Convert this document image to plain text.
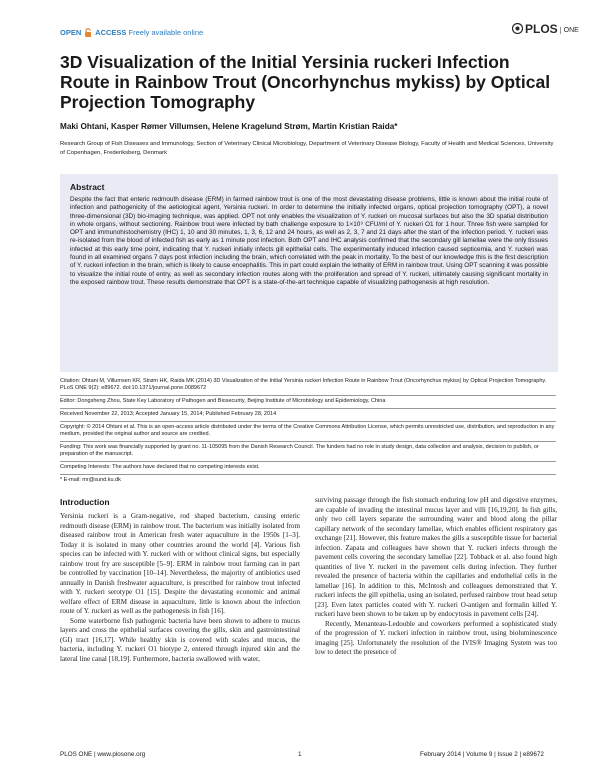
OPEN ACCESS Freely available online	PLOS ONE
3D Visualization of the Initial Yersinia ruckeri Infection Route in Rainbow Trout (Oncorhynchus mykiss) by Optical Projection Tomography
Maki Ohtani, Kasper Rømer Villumsen, Helene Kragelund Strøm, Martin Kristian Raida*
Research Group of Fish Diseases and Immunology, Section of Veterinary Clinical Microbiology, Department of Veterinary Disease Biology, Faculty of Health and Medical Sciences, University of Copenhagen, Frederiksberg, Denmark
Abstract

Despite the fact that enteric redmouth disease (ERM) in farmed rainbow trout is one of the most devastating disease problems, little is known about the initial route of infection and pathogenicity of the aetiological agent, Yersinia ruckeri. In order to determine the initially infected organs, optical projection tomography (OPT), a novel three-dimensional (3D) bio-imaging technique, was applied. OPT not only enables the visualization of Y. ruckeri on mucosal surfaces but also the 3D spatial distribution in whole organs, without sectioning. Rainbow trout were infected by bath challenge exposure to 1×10⁹ CFU/ml of Y. ruckeri O1 for 1 hour. Three fish were sampled for OPT and immunohistochemistry (IHC) 1, 10 and 30 minutes, 1, 3, 6, 12 and 24 hours, as well as 2, 3, 7 and 21 days after the start of the infection period. Y. ruckeri was re-isolated from the blood of infected fish as early as 1 minute post infection. Both OPT and IHC analysis confirmed that the secondary gill lamellae were the only tissues infected at this early time point, indicating that Y. ruckeri initially infects gill epithelial cells. The experimentally induced infection caused septicemia, and Y. ruckeri was found in all examined organs 7 days post infection including the brain, which correlated with the peak in mortality. To the best of our knowledge this is the first description of Y. ruckeri infection in the brain, which is likely to cause encephalitis. This in part could explain the lethality of ERM in rainbow trout. Using OPT scanning it was possible to visualize the initial route of entry, as well as secondary infection routes along with the proliferation and spread of Y. ruckeri, ultimately causing significant mortality in the exposed rainbow trout. These results demonstrate that OPT is a state-of-the-art technique capable of visualizing pathogenesis at high resolution.

Citation: Ohtani M, Villumsen KR, Strøm HK, Raida MK (2014) 3D Visualization of the Initial Yersinia ruckeri Infection Route in Rainbow Trout (Oncorhynchus mykiss) by Optical Projection Tomography. PLoS ONE 9(2): e89672. doi:10.1371/journal.pone.0089672

Editor: Dongsheng Zhou, State Key Laboratory of Pathogen and Biosecurity, Beijing Institute of Microbiology and Epidemiology, China

Received November 22, 2013; Accepted January 15, 2014; Published February 28, 2014

Copyright: © 2014 Ohtani et al. This is an open-access article distributed under the terms of the Creative Commons Attribution License, which permits unrestricted use, distribution, and reproduction in any medium, provided the original author and source are credited.

Funding: This work was financially supported by grant no. 11-105095 from the Danish Research Council. The funders had no role in study design, data collection and analysis, decision to publish, or preparation of the manuscript.

Competing Interests: The authors have declared that no competing interests exist.

* E-mail: mr@sund.ku.dk

Introduction

Yersinia ruckeri is a Gram-negative, rod shaped bacterium, causing enteric redmouth disease (ERM) in rainbow trout. The bacterium was initially isolated from diseased rainbow trout in American fresh water aquaculture in the 1950s [1–3]. Today it is isolated in many other countries around the world [4]. Various fish species can be infected with Y. ruckeri with or without clinical signs, but especially rainbow trout fry are susceptible [5–9]. ERM in rainbow trout farming can in part be controlled by vaccination [10–14]. Nevertheless, the majority of antibiotics used annually in Danish freshwater aquaculture, is prescribed for rainbow trout infected with Y. ruckeri serotype O1 [15]. Despite the devastating economic and animal welfare effect of ERM disease in aquaculture, little is known about the infection route of Y. ruckeri as well as the pathogenesis in fish [16].

Some waterborne fish pathogenic bacteria have been shown to adhere to mucus layers and cross the epithelial surfaces covering the gills, skin and gastrointestinal (GI) tract [16,17]. While healthy skin is covered with scales and mucus, the bacteria, including Y. ruckeri O1 biotype 2, entered through injured skin and the lateral line canal [18,19]. Furthermore, bacteria swallowed with water,

surviving passage through the fish stomach enduring low pH and digestive enzymes, are capable of invading the intestinal mucus layer and villi [16,19,20]. In fish gills, only two cell layers separate the surrounding water and blood along the pillar capillary network of the secondary lamellae, which enables efficient respiratory gas exchange [21]. However, this feature makes the gills a susceptible tissue for bacterial infection. Zapata and colleagues have shown that Y. ruckeri infects through the pavement cells covering the secondary lamellae [22]. Tobback et al. also found high quantities of live Y. ruckeri in the pavement cells during infection. They further revealed the presence of bacteria within the capillaries and endothelial cells in the lamellae [16]. In addition to this, McIntosh and colleagues demonstrated that Y. ruckeri infects the gill epithelia, using an isolated, perfused rainbow trout head setup [23]. Even latex particles coated with Y. ruckeri O-antigen and formalin killed Y. ruckeri have been shown to be taken up by endocytosis in pavement cells [24].

Recently, Menanteau-Ledouble and coworkers performed a sophisticated study of the progression of Y. ruckeri infection in rainbow trout, using bioluminescence imaging [25]. Unfortunately the resolution of the IVIS® Imaging System was too low to detect the presence of

PLOS ONE | www.plosone.org	1	February 2014 | Volume 9 | Issue 2 | e89672
